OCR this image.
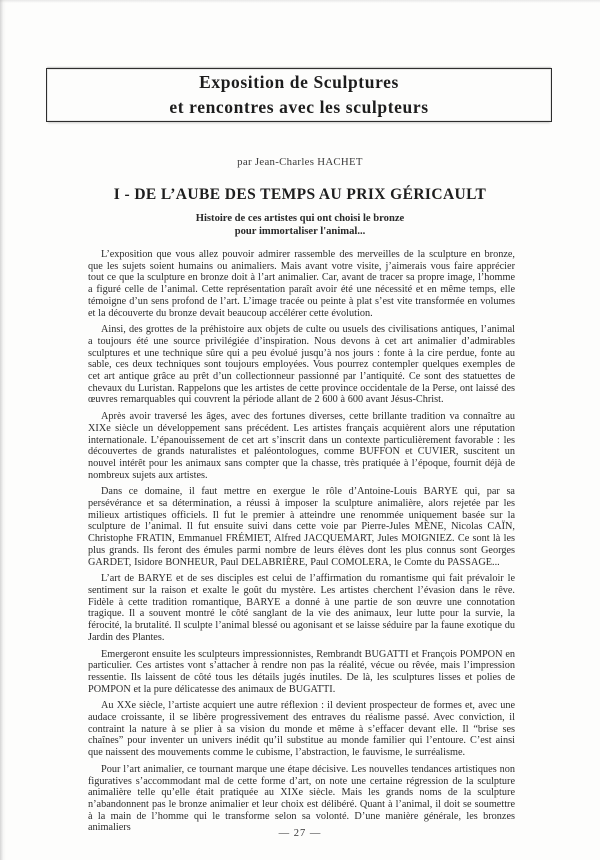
Exposition de Sculptures
et rencontres avec les sculpteurs
par Jean-Charles HACHET
I - DE L’AUBE DES TEMPS AU PRIX GÉRICAULT
Histoire de ces artistes qui ont choisi le bronze
pour immortaliser l'animal...

L’exposition que vous allez pouvoir admirer rassemble des merveilles de la sculpture en bronze, que les sujets soient humains ou animaliers. Mais avant votre visite, j’aimerais vous faire apprécier tout ce que la sculpture en bronze doit à l’art animalier. Car, avant de tracer sa propre image, l’homme a figuré celle de l’animal. Cette représentation paraît avoir été une nécessité et en même temps, elle témoigne d’un sens profond de l’art. L’image tracée ou peinte à plat s’est vite transformée en volumes et la découverte du bronze devait beaucoup accélérer cette évolution.

Ainsi, des grottes de la préhistoire aux objets de culte ou usuels des civilisations antiques, l’animal a toujours été une source privilégiée d’inspiration. Nous devons à cet art animalier d’admirables sculptures et une technique sûre qui a peu évolué jusqu’à nos jours : fonte à la cire perdue, fonte au sable, ces deux techniques sont toujours employées. Vous pourrez contempler quelques exemples de cet art antique grâce au prêt d’un collectionneur passionné par l’antiquité. Ce sont des statuettes de chevaux du Luristan. Rappelons que les artistes de cette province occidentale de la Perse, ont laissé des œuvres remarquables qui couvrent la période allant de 2 600 à 600 avant Jésus-Christ.

Après avoir traversé les âges, avec des fortunes diverses, cette brillante tradition va connaître au XIXe siècle un développement sans précédent. Les artistes français acquièrent alors une réputation internationale. L’épanouissement de cet art s’inscrit dans un contexte particulièrement favorable : les découvertes de grands naturalistes et paléontologues, comme BUFFON et CUVIER, suscitent un nouvel intérêt pour les animaux sans compter que la chasse, très pratiquée à l’époque, fournit déjà de nombreux sujets aux artistes.

Dans ce domaine, il faut mettre en exergue le rôle d’Antoine-Louis BARYE qui, par sa persévérance et sa détermination, a réussi à imposer la sculpture animalière, alors rejetée par les milieux artistiques officiels. Il fut le premier à atteindre une renommée uniquement basée sur la sculpture de l’animal. Il fut ensuite suivi dans cette voie par Pierre-Jules MÈNE, Nicolas CAÏN, Christophe FRATIN, Emmanuel FRÉMIET, Alfred JACQUEMART, Jules MOIGNIEZ. Ce sont là les plus grands. Ils feront des émules parmi nombre de leurs élèves dont les plus connus sont Georges GARDET, Isidore BONHEUR, Paul DELABRIÈRE, Paul COMOLERA, le Comte du PASSAGE...

L’art de BARYE et de ses disciples est celui de l’affirmation du romantisme qui fait prévaloir le sentiment sur la raison et exalte le goût du mystère. Les artistes cherchent l’évasion dans le rêve. Fidèle à cette tradition romantique, BARYE a donné à une partie de son œuvre une connotation tragique. Il a souvent montré le côté sanglant de la vie des animaux, leur lutte pour la survie, la férocité, la brutalité. Il sculpte l’animal blessé ou agonisant et se laisse séduire par la faune exotique du Jardin des Plantes.

Emergeront ensuite les sculpteurs impressionnistes, Rembrandt BUGATTI et François POMPON en particulier. Ces artistes vont s’attacher à rendre non pas la réalité, vécue ou rêvée, mais l’impression ressentie. Ils laissent de côté tous les détails jugés inutiles. De là, les sculptures lisses et polies de POMPON et la pure délicatesse des animaux de BUGATTI.

Au XXe siècle, l’artiste acquiert une autre réflexion : il devient prospecteur de formes et, avec une audace croissante, il se libère progressivement des entraves du réalisme passé. Avec conviction, il contraint la nature à se plier à sa vision du monde et même à s’effacer devant elle. Il “brise ses chaînes” pour inventer un univers inédit qu’il substitue au monde familier qui l’entoure. C’est ainsi que naissent des mouvements comme le cubisme, l’abstraction, le fauvisme, le surréalisme.

Pour l’art animalier, ce tournant marque une étape décisive. Les nouvelles tendances artistiques non figuratives s’accommodant mal de cette forme d’art, on note une certaine régression de la sculpture animalière telle qu’elle était pratiquée au XIXe siècle. Mais les grands noms de la sculpture n’abandonnent pas le bronze animalier et leur choix est délibéré. Quant à l’animal, il doit se soumettre à la main de l’homme qui le transforme selon sa volonté. D’une manière générale, les bronzes animaliers

— 27 —
